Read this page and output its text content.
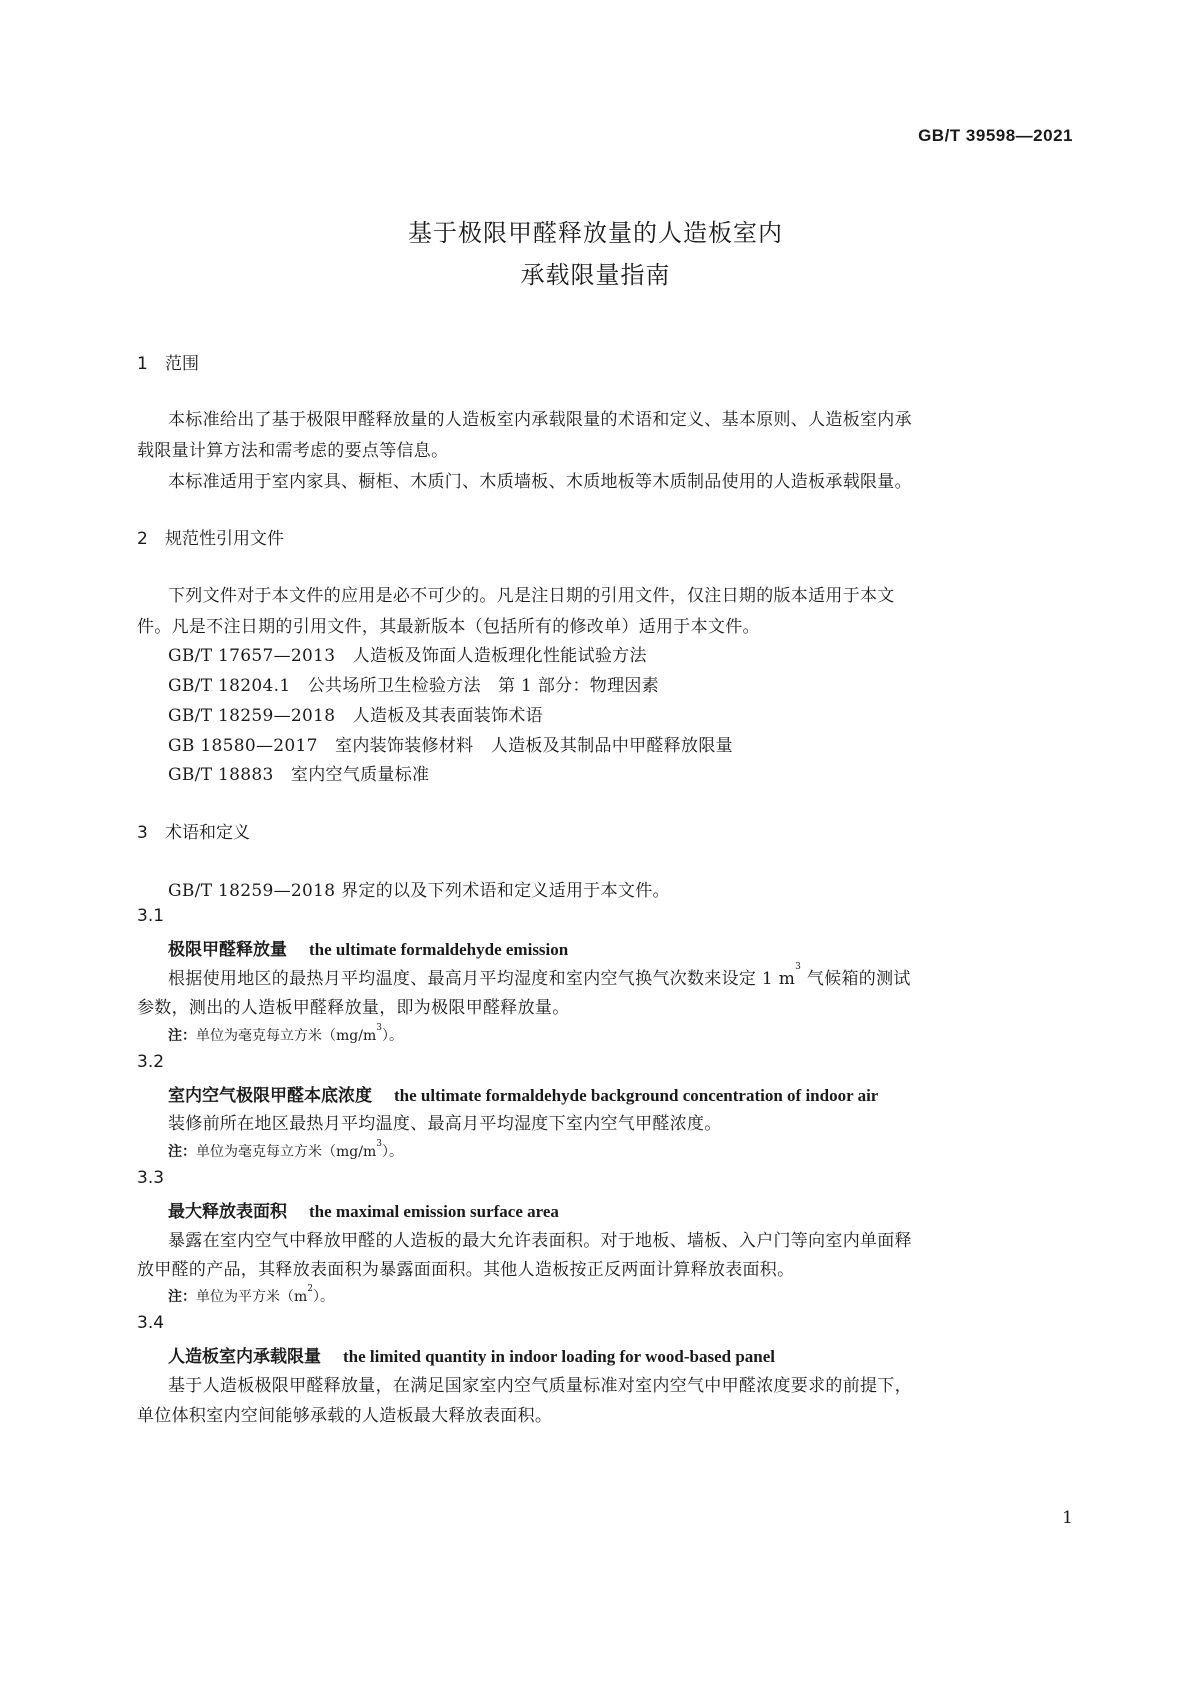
GB/T 39598—2021
基于极限甲醛释放量的人造板室内
承载限量指南
1 范围
本标准给出了基于极限甲醛释放量的人造板室内承载限量的术语和定义、基本原则、人造板室内承
载限量计算方法和需考虑的要点等信息。
本标准适用于室内家具、橱柜、木质门、木质墙板、木质地板等木质制品使用的人造板承载限量。
2 规范性引用文件
下列文件对于本文件的应用是必不可少的。凡是注日期的引用文件，仅注日期的版本适用于本文
件。凡是不注日期的引用文件，其最新版本（包括所有的修改单）适用于本文件。
GB/T 17657—2013　人造板及饰面人造板理化性能试验方法
GB/T 18204.1　公共场所卫生检验方法　第 1 部分：物理因素
GB/T 18259—2018　人造板及其表面装饰术语
GB 18580—2017　室内装饰装修材料　人造板及其制品中甲醛释放限量
GB/T 18883　室内空气质量标准
3 术语和定义
GB/T 18259—2018 界定的以及下列术语和定义适用于本文件。
3.1
极限甲醛释放量 the ultimate formaldehyde emission
根据使用地区的最热月平均温度、最高月平均湿度和室内空气换气次数来设定 1 $m^3$ 气候箱的测试
参数，测出的人造板甲醛释放量，即为极限甲醛释放量。
注：单位为毫克每立方米$(mg/m^3)$。
3.2
室内空气极限甲醛本底浓度 the ultimate formaldehyde background concentration of indoor air
装修前所在地区最热月平均温度、最高月平均湿度下室内空气甲醛浓度。
注：单位为毫克每立方米$(mg/m^3)$。
3.3
最大释放表面积 the maximal emission surface area
暴露在室内空气中释放甲醛的人造板的最大允许表面积。对于地板、墙板、入户门等向室内单面释
放甲醛的产品，其释放表面积为暴露面面积。其他人造板按正反两面计算释放表面积。
注：单位为平方米$(m^2)$。
3.4
人造板室内承载限量 the limited quantity in indoor loading for wood-based panel
基于人造板极限甲醛释放量，在满足国家室内空气质量标准对室内空气中甲醛浓度要求的前提下，
单位体积室内空间能够承载的人造板最大释放表面积。
1
